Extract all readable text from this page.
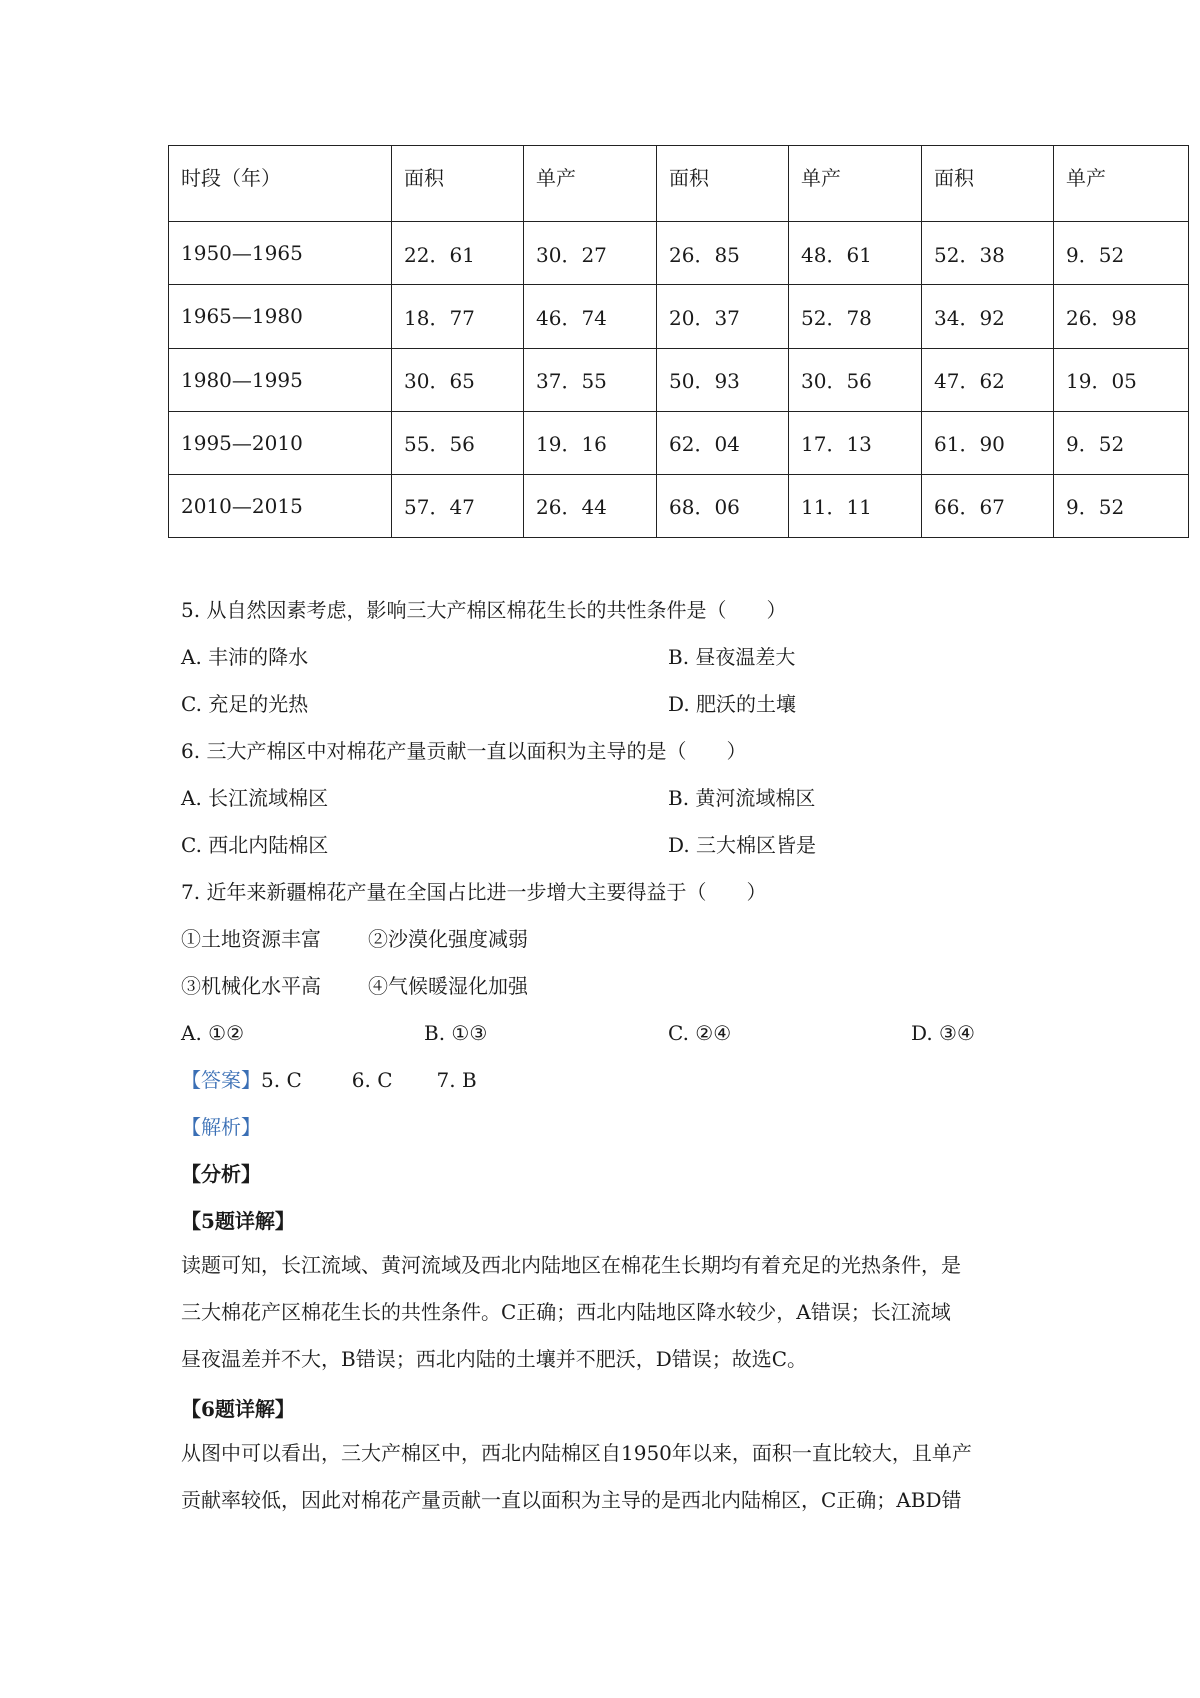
时段（年）	面积	单产	面积	单产	面积	单产
1950—1965	22．61	30．27	26．85	48．61	52．38	9．52
1965—1980	18．77	46．74	20．37	52．78	34．92	26．98
1980—1995	30．65	37．55	50．93	30．56	47．62	19．05
1995—2010	55．56	19．16	62．04	17．13	61．90	9．52
2010—2015	57．47	26．44	68．06	11．11	66．67	9．52
5. 从自然因素考虑，影响三大产棉区棉花生长的共性条件是（　　）
A. 丰沛的降水	B. 昼夜温差大
C. 充足的光热	D. 肥沃的土壤
6. 三大产棉区中对棉花产量贡献一直以面积为主导的是（　　）
A. 长江流域棉区	B. 黄河流域棉区
C. 西北内陆棉区	D. 三大棉区皆是
7. 近年来新疆棉花产量在全国占比进一步增大主要得益于（　　）
①土地资源丰富 ②沙漠化强度减弱
③机械化水平高 ④气候暖湿化加强
A. ①②	B. ①③	C. ②④	D. ③④
【答案】5. C	6. C 7. B
【解析】
【分析】
【5题详解】
读题可知，长江流域、黄河流域及西北内陆地区在棉花生长期均有着充足的光热条件，是
三大棉花产区棉花生长的共性条件。C正确；西北内陆地区降水较少，A错误；长江流域
昼夜温差并不大，B错误；西北内陆的土壤并不肥沃，D错误；故选C。
【6题详解】
从图中可以看出，三大产棉区中，西北内陆棉区自1950年以来，面积一直比较大，且单产
贡献率较低，因此对棉花产量贡献一直以面积为主导的是西北内陆棉区，C正确；ABD错
